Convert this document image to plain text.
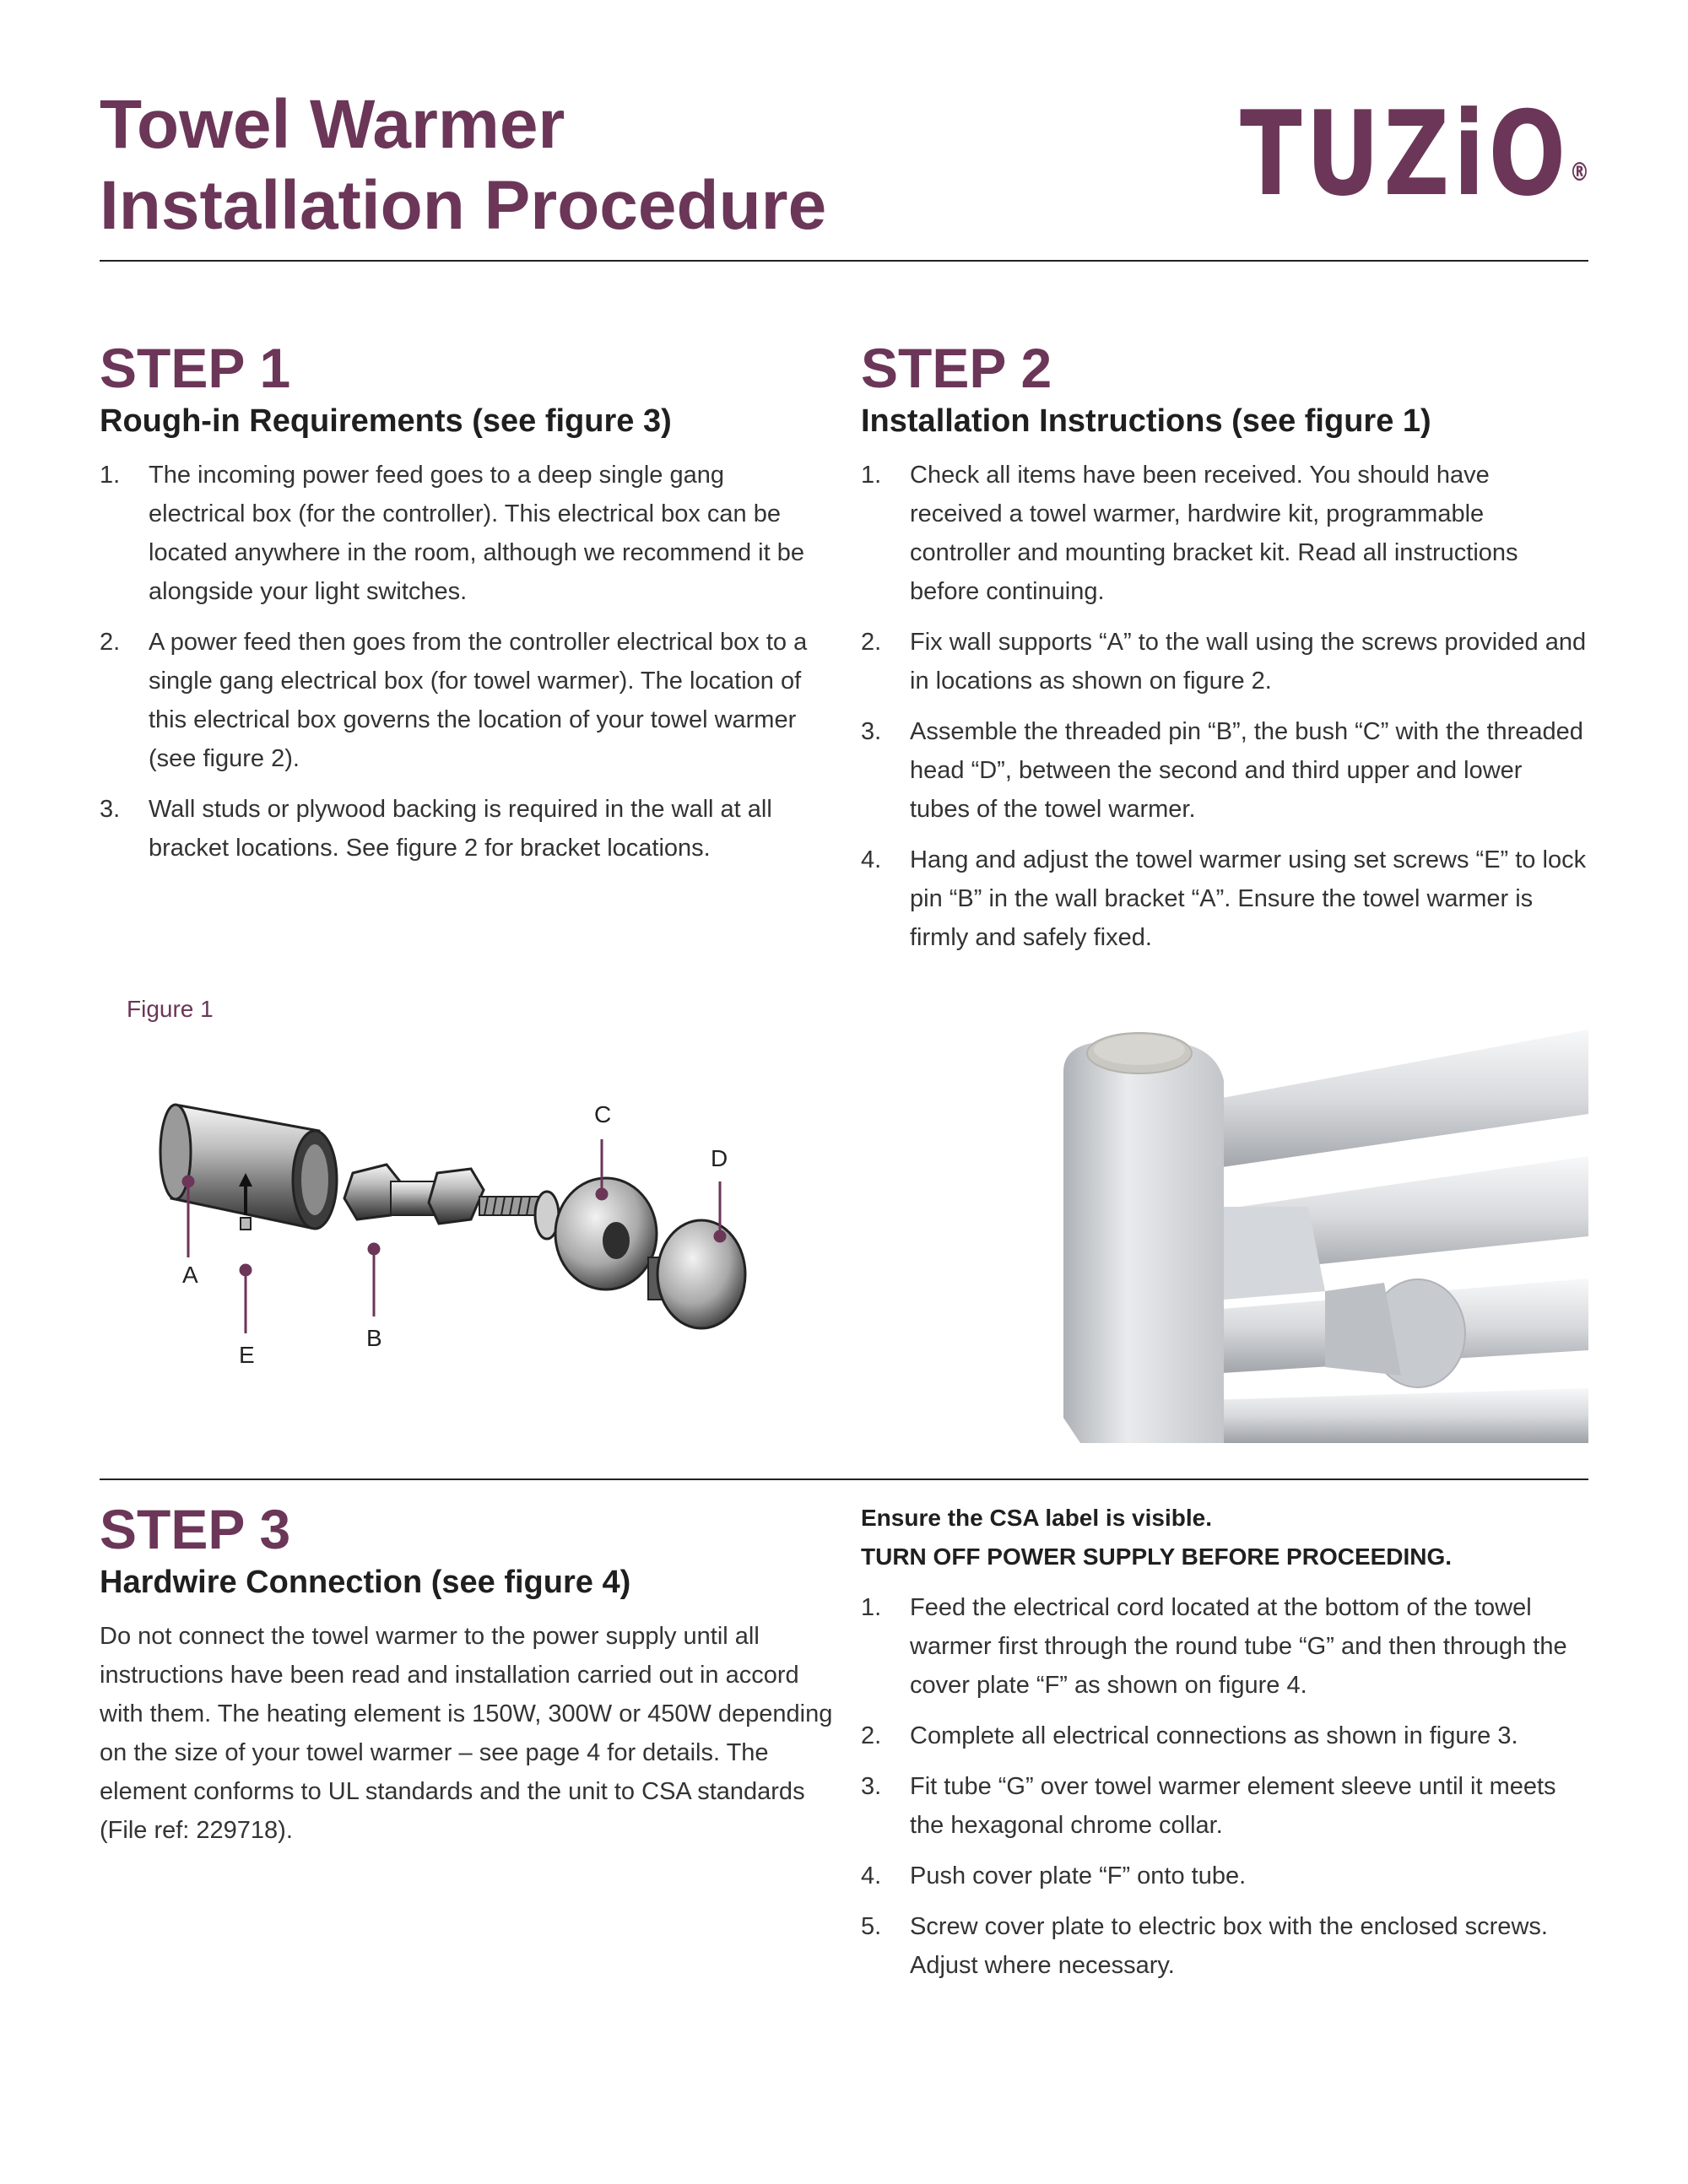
Towel Warmer
Installation Procedure	TUZiO®
STEP 1
Rough-in Requirements (see figure 3)
1. The incoming power feed goes to a deep single gang electrical box (for the controller). This electrical box can be located anywhere in the room, although we recommend it be alongside your light switches.
2. A power feed then goes from the controller electrical box to a single gang electrical box (for towel warmer). The location of this electrical box governs the location of your towel warmer (see figure 2).
3. Wall studs or plywood backing is required in the wall at all bracket locations. See figure 2 for bracket locations.
STEP 2
Installation Instructions (see figure 1)
1. Check all items have been received. You should have received a towel warmer, hardwire kit, programmable controller and mounting bracket kit. Read all instructions before continuing.
2. Fix wall supports “A” to the wall using the screws provided and in locations as shown on figure 2.
3. Assemble the threaded pin “B”, the bush “C” with the threaded head “D”, between the second and third upper and lower tubes of the towel warmer.
4. Hang and adjust the towel warmer using set screws “E” to lock pin “B” in the wall bracket “A”. Ensure the towel warmer is firmly and safely fixed.
Figure 1
A
E
B
C
D
STEP 3
Hardwire Connection (see figure 4)

Do not connect the towel warmer to the power supply until all instructions have been read and installation carried out in accord with them. The heating element is 150W, 300W or 450W depending on the size of your towel warmer – see page 4 for details. The element conforms to UL standards and the unit to CSA standards (File ref: 229718).

Ensure the CSA label is visible.

TURN OFF POWER SUPPLY BEFORE PROCEEDING.

1. Feed the electrical cord located at the bottom of the towel warmer first through the round tube “G” and then through the cover plate “F” as shown on figure 4.
2. Complete all electrical connections as shown in figure 3.
3. Fit tube “G” over towel warmer element sleeve until it meets the hexagonal chrome collar.
4. Push cover plate “F” onto tube.
5. Screw cover plate to electric box with the enclosed screws. Adjust where necessary.
